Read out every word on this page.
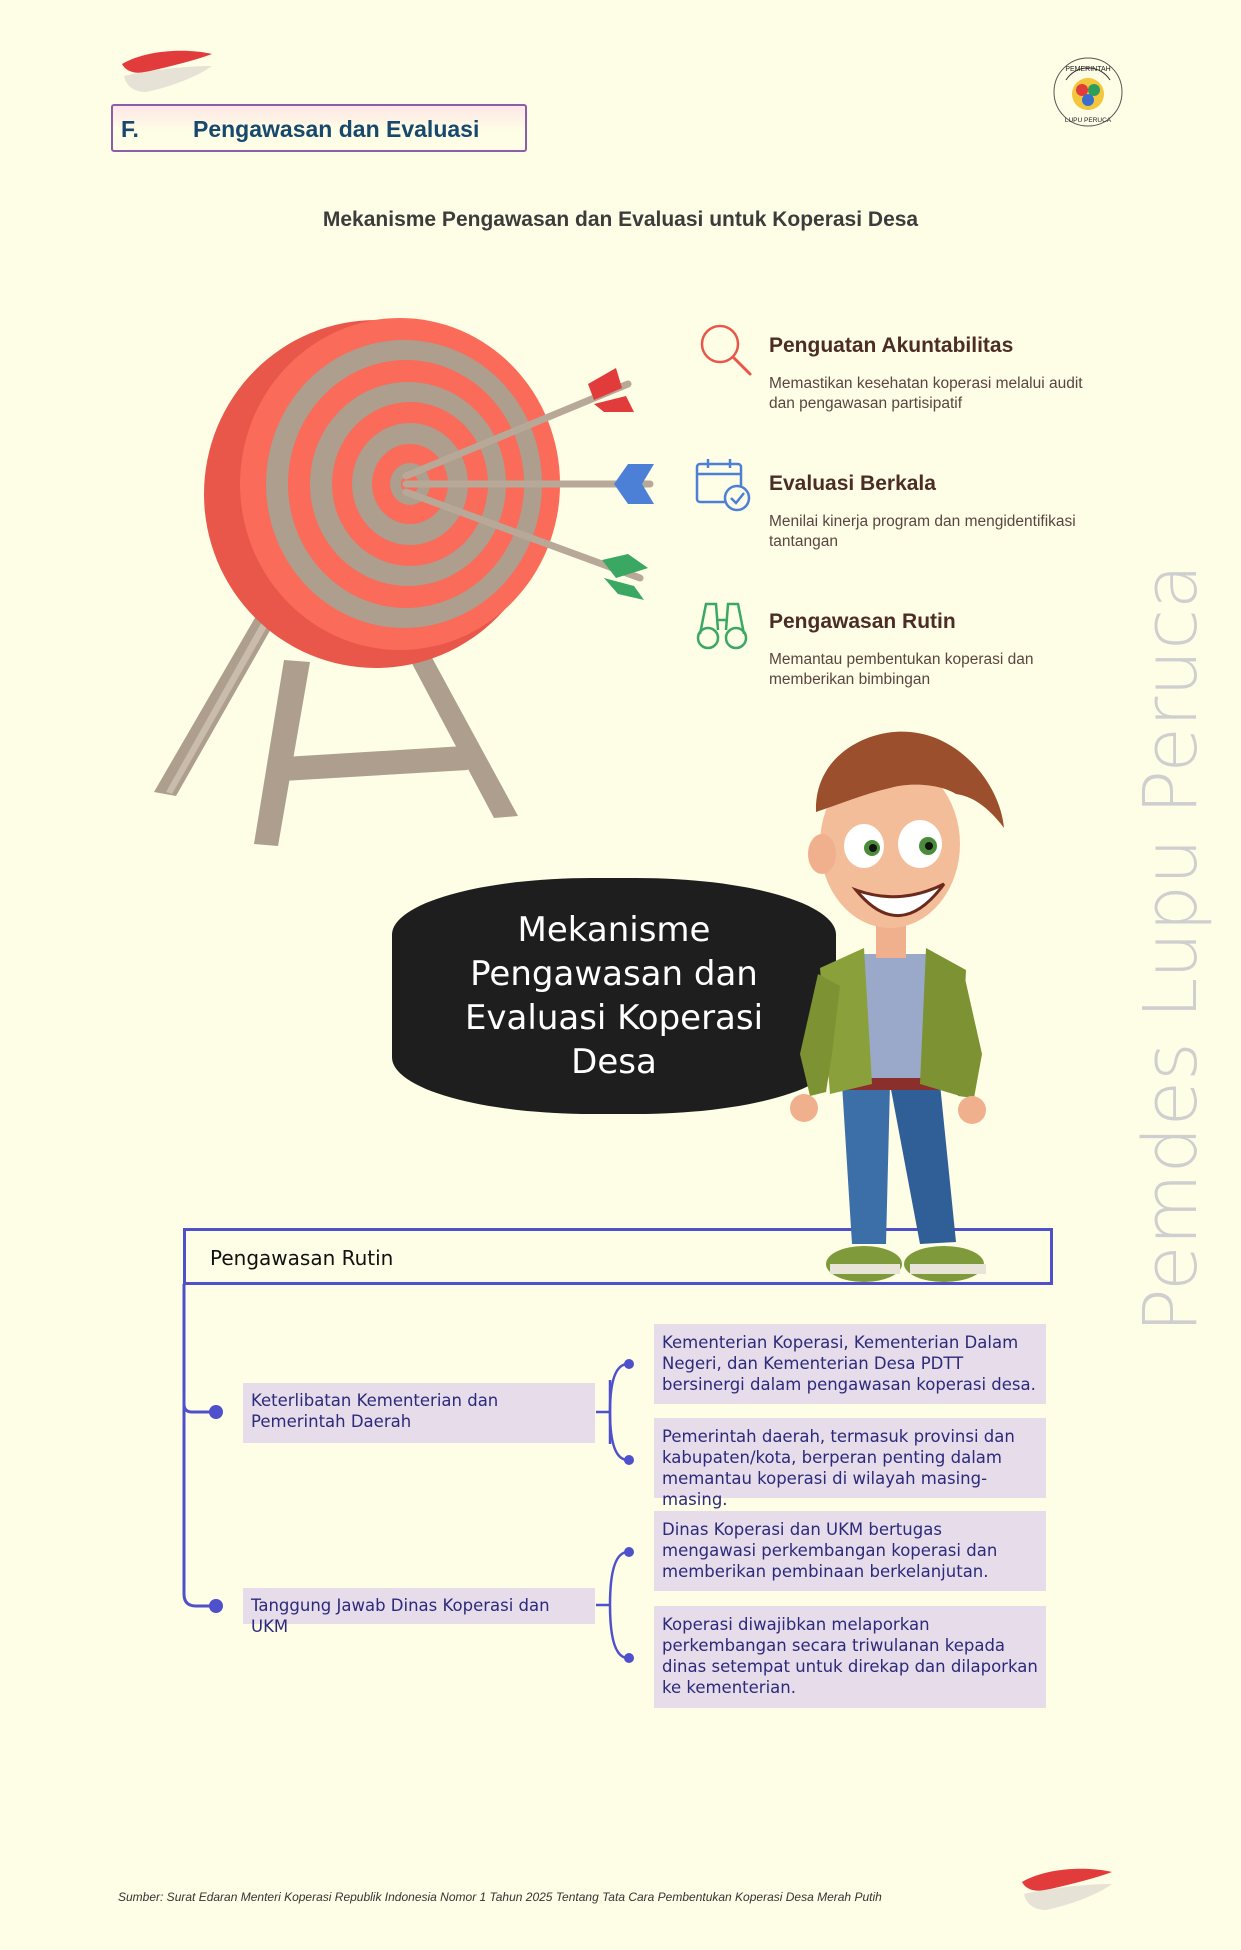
PEMERINTAH
LUPU PERUCA
F. Pengawasan dan Evaluasi
Mekanisme Pengawasan dan Evaluasi untuk Koperasi Desa
Penguatan Akuntabilitas
Memastikan kesehatan koperasi melalui audit dan pengawasan partisipatif
Evaluasi Berkala
Menilai kinerja program dan mengidentifikasi tantangan
Pengawasan Rutin
Memantau pembentukan koperasi dan memberikan bimbingan	Pemdes Lupu Peruca
Mekanisme Pengawasan dan Evaluasi Koperasi Desa
Pengawasan Rutin
Keterlibatan Kementerian dan Pemerintah Daerah
Tanggung Jawab Dinas Koperasi dan UKM
Kementerian Koperasi, Kementerian Dalam Negeri, dan Kementerian Desa PDTT bersinergi dalam pengawasan koperasi desa.
Pemerintah daerah, termasuk provinsi dan kabupaten/kota, berperan penting dalam memantau koperasi di wilayah masing-masing.
Dinas Koperasi dan UKM bertugas mengawasi perkembangan koperasi dan memberikan pembinaan berkelanjutan.
Koperasi diwajibkan melaporkan perkembangan secara triwulanan kepada dinas setempat untuk direkap dan dilaporkan ke kementerian.
Sumber: Surat Edaran Menteri Koperasi Republik Indonesia Nomor 1 Tahun 2025 Tentang Tata Cara Pembentukan Koperasi Desa Merah Putih
